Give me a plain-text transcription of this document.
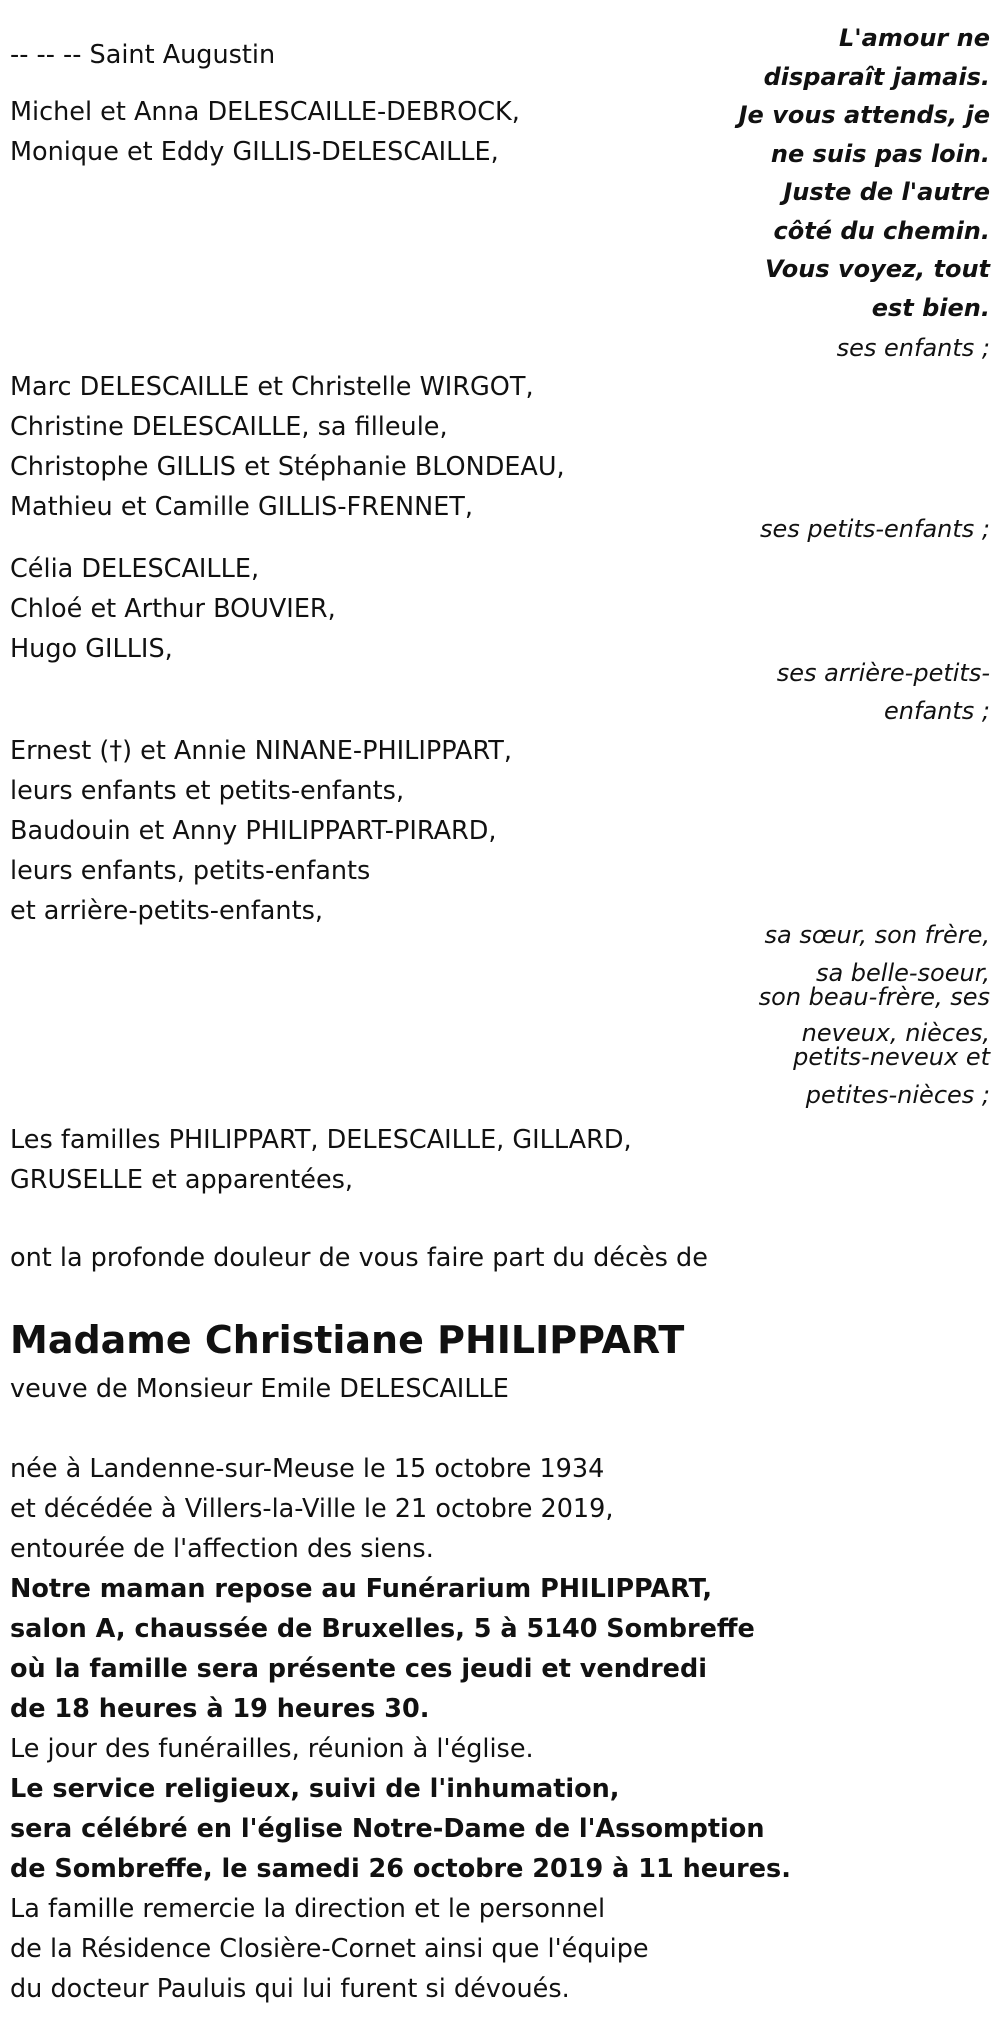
-- -- -- Saint Augustin
Michel et Anna DELESCAILLE-DEBROCK,
Monique et Eddy GILLIS-DELESCAILLE,
Marc DELESCAILLE et Christelle WIRGOT,
Christine DELESCAILLE, sa filleule,
Christophe GILLIS et Stéphanie BLONDEAU,
Mathieu et Camille GILLIS-FRENNET,
Célia DELESCAILLE,
Chloé et Arthur BOUVIER,
Hugo GILLIS,
Ernest (†) et Annie NINANE-PHILIPPART,
leurs enfants et petits-enfants,
Baudouin et Anny PHILIPPART-PIRARD,
leurs enfants, petits-enfants
et arrière-petits-enfants,
Les familles PHILIPPART, DELESCAILLE, GILLARD,
GRUSELLE et apparentées,
ont la profonde douleur de vous faire part du décès de
Madame Christiane PHILIPPART
veuve de Monsieur Emile DELESCAILLE
née à Landenne-sur-Meuse le 15 octobre 1934
et décédée à Villers-la-Ville le 21 octobre 2019,
entourée de l'affection des siens.
Notre maman repose au Funérarium PHILIPPART,
salon A, chaussée de Bruxelles, 5 à 5140 Sombreffe
où la famille sera présente ces jeudi et vendredi
de 18 heures à 19 heures 30.
Le jour des funérailles, réunion à l'église.
Le service religieux, suivi de l'inhumation,
sera célébré en l'église Notre-Dame de l'Assomption
de Sombreffe, le samedi 26 octobre 2019 à 11 heures.
La famille remercie la direction et le personnel
de la Résidence Closière-Cornet ainsi que l'équipe
du docteur Pauluis qui lui furent si dévoués.
L'amour ne
disparaît jamais.
Je vous attends, je
ne suis pas loin.
Juste de l'autre
côté du chemin.
Vous voyez, tout
est bien.
ses enfants ;
ses petits-enfants ;
ses arrière-petits-
enfants ;
sa sœur, son frère,
sa belle-soeur,
son beau-frère, ses
neveux, nièces,
petits-neveux et
petites-nièces ;
